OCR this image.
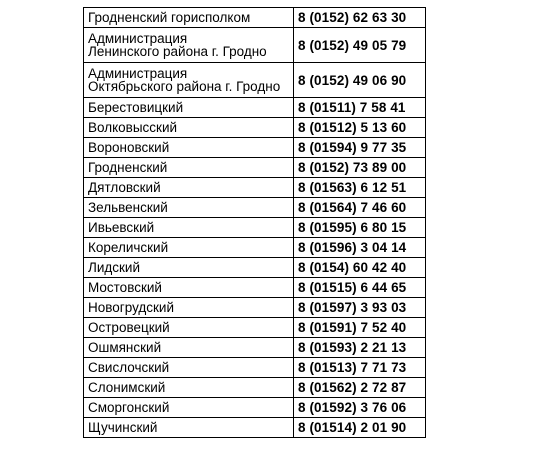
Гродненский горисполком	8 (0152) 62 63 30

Администрация
Ленинского района г. Гродно	8 (0152) 49 05 79

Администрация
Октябрьского района г. Гродно	8 (0152) 49 06 90

Берестовицкий	8 (01511) 7 58 41

Волковысский	8 (01512) 5 13 60

Вороновский	8 (01594) 9 77 35

Гродненский	8 (0152) 73 89 00

Дятловский	8 (01563) 6 12 51

Зельвенский	8 (01564) 7 46 60

Ивьевский	8 (01595) 6 80 15

Кореличский	8 (01596) 3 04 14

Лидский	8 (0154) 60 42 40

Мостовский	8 (01515) 6 44 65

Новогрудский	8 (01597) 3 93 03

Островецкий	8 (01591) 7 52 40

Ошмянский	8 (01593) 2 21 13

Свислочский	8 (01513) 7 71 73

Слонимский	8 (01562) 2 72 87

Сморгонский	8 (01592) 3 76 06

Щучинский	8 (01514) 2 01 90
